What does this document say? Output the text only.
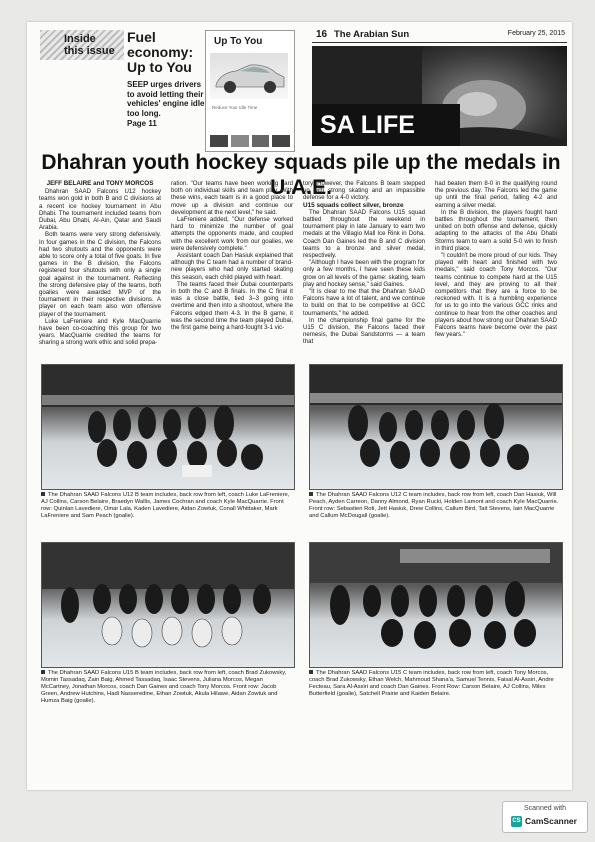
Inside
this issue
Fuel economy: Up to You

SEEP urges drivers to avoid letting their vehicles' engine idle too long.

Page 11

Up To You
Reduce Your Idle Time
16 The Arabian Sun	February 25, 2015
SA LIFE
Dhahran youth hockey squads pile up the medals in U.A.E.
JEFF BELAIRE and TONY MORCOS

Dhahran SAAD Falcons U12 hockey teams won gold in both B and C divisions at a recent ice hockey tournament in Abu Dhabi. The tournament included teams from Dubai, Abu Dhabi, Al-Ain, Qatar and Saudi Arabia.

Both teams were very strong defensively. In four games in the C division, the Falcons had two shutouts and the opponents were able to score only a total of five goals. In five games in the B division, the Falcons registered four shutouts with only a single goal against in the tournament. Reflecting the strong defensive play of the teams, both goalies were awarded MVP of the tournament in their respective divisions. A player on each team also won offensive player of the tournament.

Luke LaFreniere and Kyle MacQuarrie have been co-coaching this group for two years. MacQuarrie credited the teams for sharing a strong work ethic and solid prepa-

ration. "Our teams have been working hard both on individual skills and team play. With these wins, each team is in a good place to move up a division and continue our development at the next level," he said.

LaFreniere added, "Our defense worked hard to minimize the number of goal attempts the opponents made, and coupled with the excellent work from our goalies, we were defensively complete."

Assistant coach Dan Hasiuk explained that although the C team had a number of brand-new players who had only started skating this season, each child played with heart.

The teams faced their Dubai counterparts in both the C and B finals. In the C final it was a close battle, tied 3–3 going into overtime and then into a shootout, where the Falcons edged them 4-3. In the B game, it was the second time the team played Dubai, the first game being a hard-fought 3-1 vic-

tory. However, the Falcons B team stepped up with strong skating and an impassible defense for a 4-0 victory.

U15 squads collect silver, bronze

The Dhahran SAAD Falcons U15 squad battled throughout the weekend in tournament play in late January to earn two medals at the Villagio Mall Ice Rink in Doha. Coach Dan Gaines led the B and C division teams to a bronze and silver medal, respectively.

"Although I have been with the program for only a few months, I have seen these kids grow on all levels of the game: skating, team play and hockey sense," said Gaines.

"It is clear to me that the Dhahran SAAD Falcons have a lot of talent, and we continue to build on that to be competitive at GCC tournaments," he added.

In the championship final game for the U15 C division, the Falcons faced their nemesis, the Dubai Sandstorms — a team that

had beaten them 8-0 in the qualifying round the previous day. The Falcons led the game up until the final period, falling 4-2 and earning a silver medal.

In the B division, the players fought hard battles throughout the tournament, then united on both offense and defense, quickly adapting to the attacks of the Abu Dhabi Storms team to earn a solid 5-0 win to finish in third place.

"I couldn't be more proud of our kids. They played with heart and finished with two medals," said coach Tony Morcos. "Our teams continue to compete hard at the U15 level, and they are proving to all their competitors that they are a force to be reckoned with. It is a humbling experience for us to go into the various GCC rinks and continue to hear from the other coaches and players about how strong our Dhahran SAAD Falcons teams have become over the past few years."

The Dhahran SAAD Falcons U12 B team includes, back row from left, coach Luke LaFreniere, AJ Collins, Carson Belaire, Braedyn Wallis, James Cochran and coach Kyle MacQuarrie. Front row: Quinlan Lavediere, Omar Lala, Kaden Lavediere, Aidan Zowtuk, Conall Whittaker, Mark LaFreniere and Sam Peach (goalie).
The Dhahran SAAD Falcons U12 C team includes, back row from left, coach Dan Hasiuk, Will Peach, Ayden Carreon, Danny Almond, Ryan Rucki, Holden Lamont and coach Kyle MacQuarrie. Front row: Sebastien Roti, Jett Hasiuk, Drew Collins, Callum Bird, Tait Stevens, Iain MacQuarrie and Callum McDougall (goalie).
The Dhahran SAAD Falcons U15 B team includes, back row from left, coach Brad Zukowsky, Momin Tassadaq, Zain Baig, Ahmed Tassadaq, Isaac Stevens, Juliana Morcos, Megan McCartney, Jonathan Morcos, coach Dan Gaines and coach Tony Morcos. Front row: Jacob Green, Andrew Hutchins, Hadi Nasseredine, Ethan Zowtuk, Akula Hilawe, Aidan Zowtuk and Humza Baig (goalie).
The Dhahran SAAD Falcons U15 C team includes, back row from left, coach Tony Morcos, coach Brad Zukowsky, Ethan Welch, Mahmoud Shana'a, Samuel Tennis, Faisal Al-Assiri, Andre Fecteau, Sara Al-Assiri and coach Dan Gaines. Front Row: Carson Belaire, AJ Collins, Miles Butterfield (goalie), Satchell Prairie and Kaiden Belaire.
Scanned with
CS CamScanner
